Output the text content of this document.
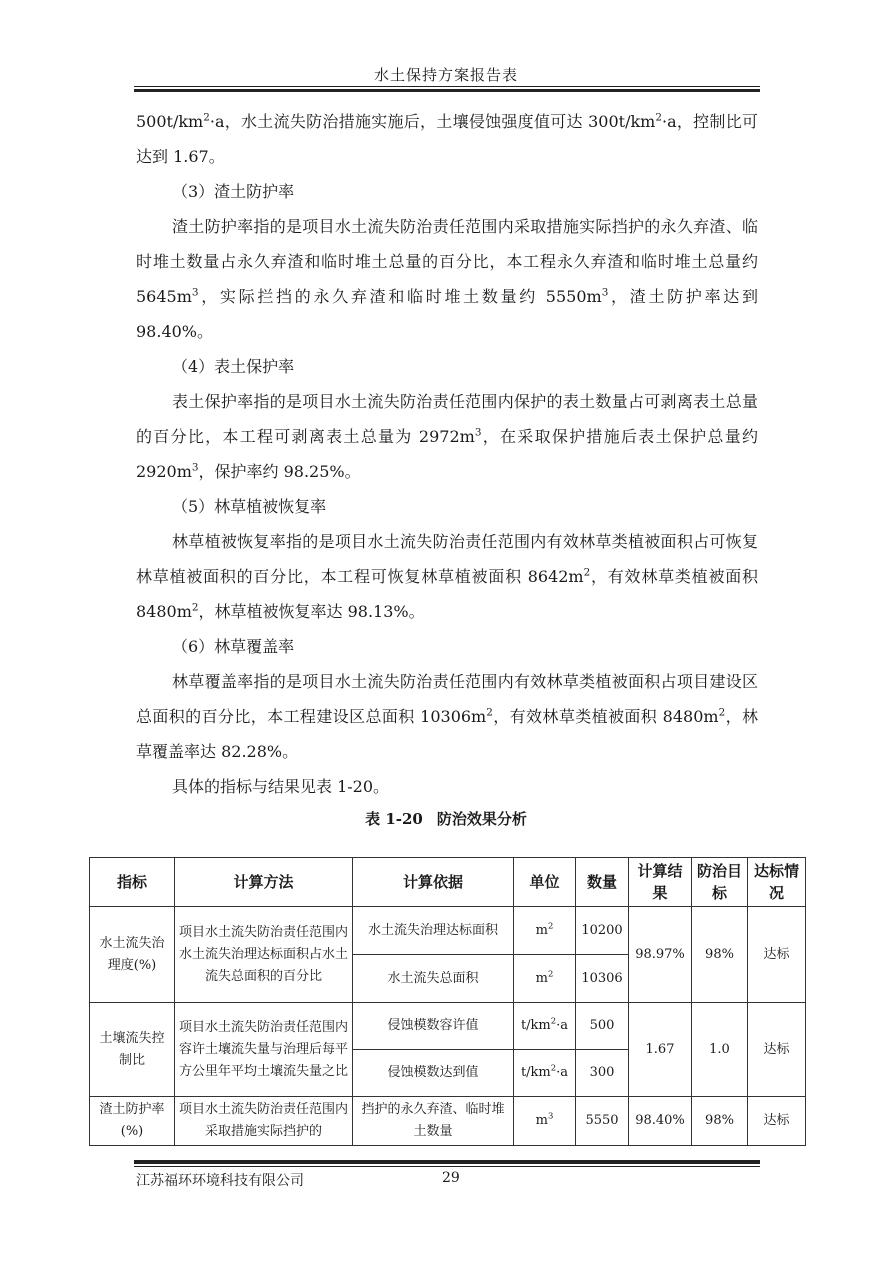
水土保持方案报告表

$500t/km^2\cdot a$，水土流失防治措施实施后，土壤侵蚀强度值可达 $300t/km^2\cdot a$，控制比可达到 1.67。

（3）渣土防护率

渣土防护率指的是项目水土流失防治责任范围内采取措施实际挡护的永久弃渣、临时堆土数量占永久弃渣和临时堆土总量的百分比，本工程永久弃渣和临时堆土总量约 $5645m^3$，实际拦挡的永久弃渣和临时堆土数量约 $5550m^3$，渣土防护率达到 98.40%。

（4）表土保护率

表土保护率指的是项目水土流失防治责任范围内保护的表土数量占可剥离表土总量的百分比，本工程可剥离表土总量为 $2972m^3$，在采取保护措施后表土保护总量约 $2920m^3$，保护率约 98.25%。

（5）林草植被恢复率

林草植被恢复率指的是项目水土流失防治责任范围内有效林草类植被面积占可恢复林草植被面积的百分比，本工程可恢复林草植被面积 $8642m^2$，有效林草类植被面积 $8480m^2$，林草植被恢复率达 98.13%。

（6）林草覆盖率

林草覆盖率指的是项目水土流失防治责任范围内有效林草类植被面积占项目建设区总面积的百分比，本工程建设区总面积 $10306m^2$，有效林草类植被面积 $8480m^2$，林草覆盖率达 82.28%。

具体的指标与结果见表 1-20。

表 1-20 防治效果分析
指标	计算方法	计算依据	单位	数量	计算结果	防治目标	达标情况
水土流失治理度(%)	项目水土流失防治责任范围内水土流失治理达标面积占水土流失总面积的百分比	水土流失治理达标面积	$m^2$	10200	98.97%	98%	达标
		水土流失总面积	$m^2$	10306			
土壤流失控制比	项目水土流失防治责任范围内容许土壤流失量与治理后每平方公里年平均土壤流失量之比	侵蚀模数容许值	$t/km^2\cdot a$	500	1.67	1.0	达标
		侵蚀模数达到值	$t/km^2\cdot a$	300			
渣土防护率(%)	项目水土流失防治责任范围内采取措施实际挡护的	挡护的永久弃渣、临时堆土数量	$m^3$	5550	98.40%	98%	达标
江苏福环环境科技有限公司	29
